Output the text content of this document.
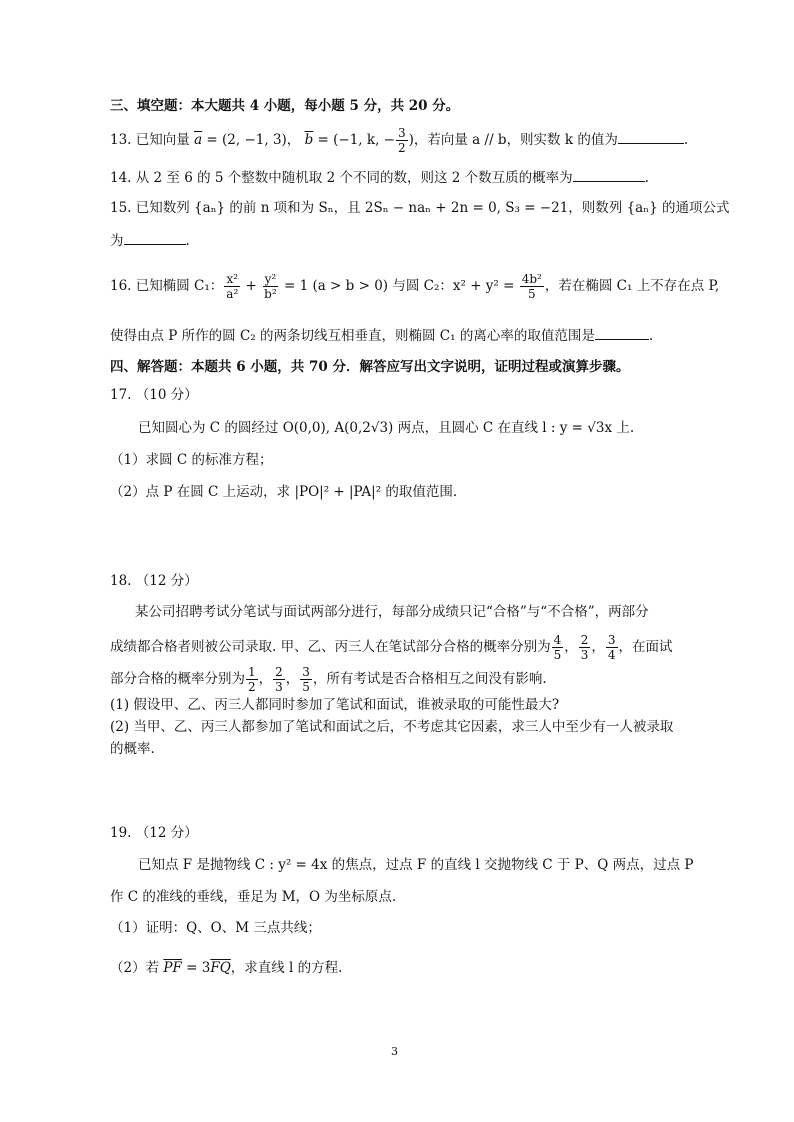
三、填空题：本大题共 4 小题，每小题 5 分，共 20 分。
13. 已知向量 $\overline{a} = (2$, −1, 3)， $\overline{b} = (-1$, k, − $\frac{3}{2}$ )，若向量 a // b，则实数 k 的值为	.
14. 从 2 至 6 的 5 个整数中随机取 2 个不同的数，则这 2 个数互质的概率为	.
15. 已知数列 {aₙ} 的前 n 项和为 Sₙ，且 2Sₙ − naₙ + 2n = 0, S₃ = −21，则数列 {aₙ} 的通项公式
为	.
16. 已知椭圆 C₁： $\frac{\text{x²}}{\text{a²}} + \frac{\text{y²}}{\text{b²}} = 1$ (a > b > 0) 与圆 C₂：$x^2 + y^2 = \frac{\text{4b²}}{5}$ ，若在椭圆 C₁ 上不存在点 P,
使得由点 P 所作的圆 C₂ 的两条切线互相垂直，则椭圆 C₁ 的离心率的取值范围是	.
四、解答题：本题共 6 小题，共 70 分．解答应写出文字说明，证明过程或演算步骤。
17. （10 分）
已知圆心为 C 的圆经过 O(0,0), A(0,2√3) 两点，且圆心 C 在直线 l : y = √3x 上.
（1）求圆 C 的标准方程；
（2）点 P 在圆 C 上运动，求 |PO|² + |PA|² 的取值范围.
18. （12 分）
某公司招聘考试分笔试与面试两部分进行，每部分成绩只记“合格”与“不合格”，两部分
成绩都合格者则被公司录取. 甲、乙、丙三人在笔试部分合格的概率分别为 $\frac{4}{5}$ ， $\frac{2}{3}$ ， $\frac{3}{4}$ ，在面试
部分合格的概率分别为 $\frac{1}{2}$ ， $\frac{2}{3}$ ， $\frac{3}{5}$ ，所有考试是否合格相互之间没有影响.
(1) 假设甲、乙、丙三人都同时参加了笔试和面试，谁被录取的可能性最大?
(2) 当甲、乙、丙三人都参加了笔试和面试之后，不考虑其它因素，求三人中至少有一人被录取
的概率.
19. （12 分）
已知点 F 是抛物线 C : y² = 4x 的焦点，过点 F 的直线 l 交抛物线 C 于 P、Q 两点，过点 P
作 C 的准线的垂线，垂足为 M，O 为坐标原点.
（1）证明：Q、O、M 三点共线；
（2）若 $\overline{PF} = 3\overline{FQ}$，求直线 l 的方程.
3
